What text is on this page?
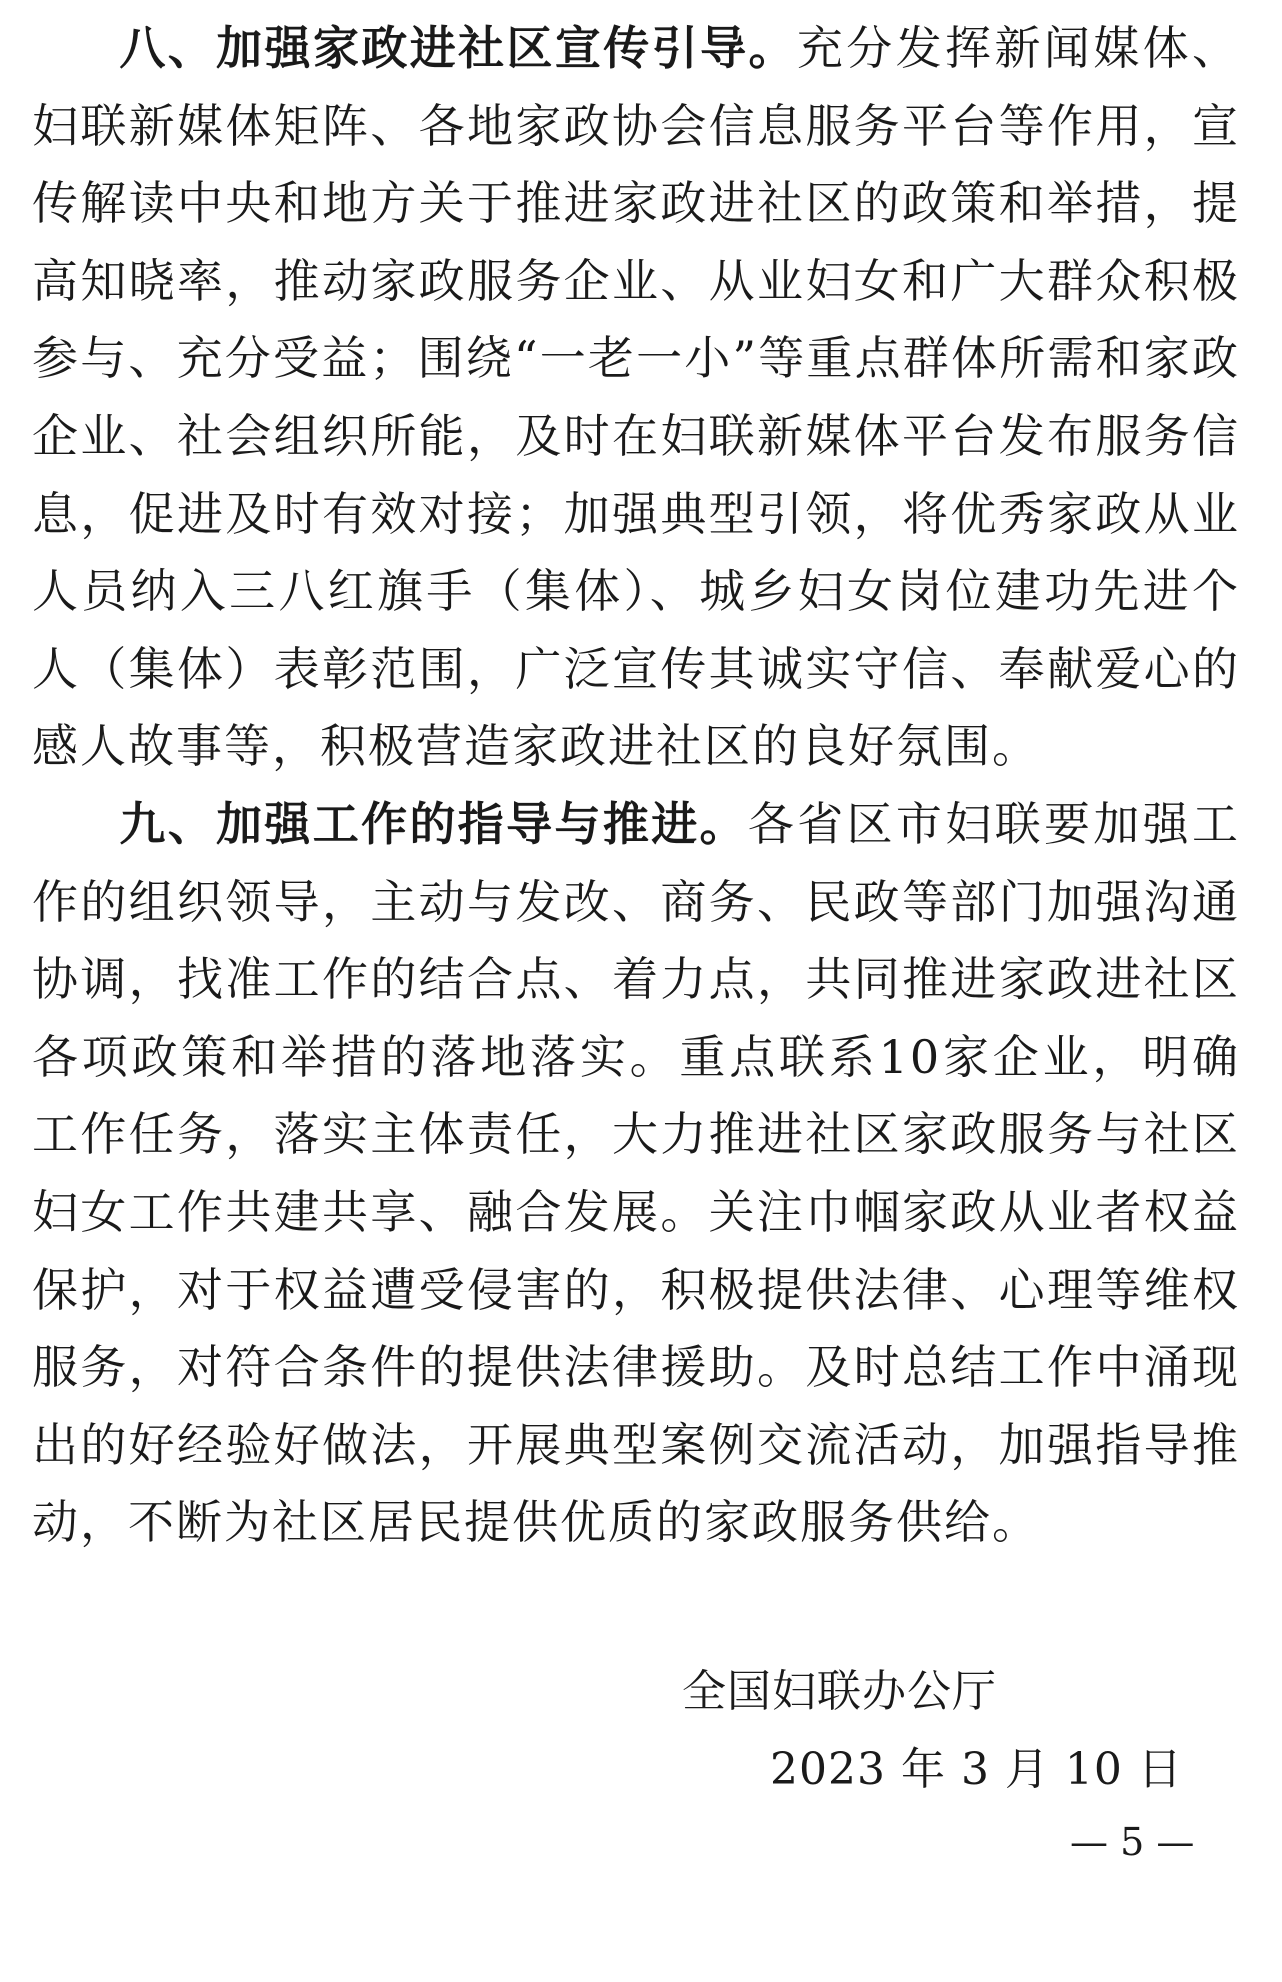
八、加强家政进社区宣传引导。充分发挥新闻媒体、妇联新媒体矩阵、各地家政协会信息服务平台等作用，宣传解读中央和地方关于推进家政进社区的政策和举措，提高知晓率，推动家政服务企业、从业妇女和广大群众积极参与、充分受益；围绕“一老一小”等重点群体所需和家政企业、社会组织所能，及时在妇联新媒体平台发布服务信息，促进及时有效对接；加强典型引领，将优秀家政从业人员纳入三八红旗手（集体）、城乡妇女岗位建功先进个人（集体）表彰范围，广泛宣传其诚实守信、奉献爱心的感人故事等，积极营造家政进社区的良好氛围。

九、加强工作的指导与推进。各省区市妇联要加强工作的组织领导，主动与发改、商务、民政等部门加强沟通协调，找准工作的结合点、着力点，共同推进家政进社区各项政策和举措的落地落实。重点联系10家企业，明确工作任务，落实主体责任，大力推进社区家政服务与社区妇女工作共建共享、融合发展。关注巾帼家政从业者权益保护，对于权益遭受侵害的，积极提供法律、心理等维权服务，对符合条件的提供法律援助。及时总结工作中涌现出的好经验好做法，开展典型案例交流活动，加强指导推动，不断为社区居民提供优质的家政服务供给。

全国妇联办公厅
2023 年 3 月 10 日
— 5 —
